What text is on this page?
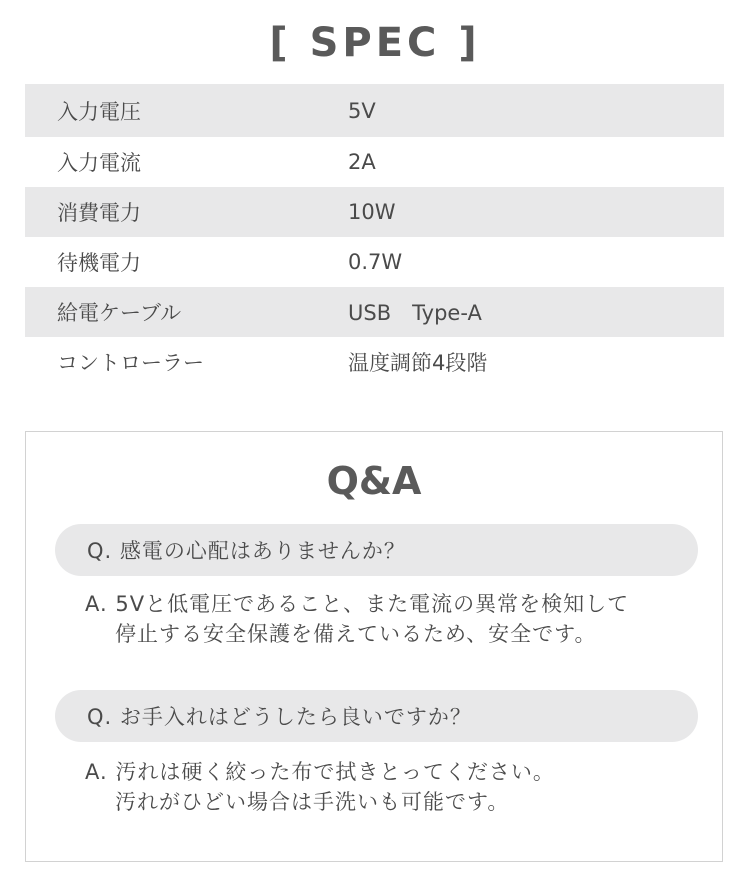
[ SPEC ]
入力電圧	5V
入力電流	2A
消費電力	10W
待機電力	0.7W
給電ケーブル	USB　Type-A
コントローラー	温度調節4段階
Q&A
Q. 感電の心配はありませんか？
A. 5Vと低電圧であること、また電流の異常を検知して
停止する安全保護を備えているため、安全です。
Q. お手入れはどうしたら良いですか？
A. 汚れは硬く絞った布で拭きとってください。
汚れがひどい場合は手洗いも可能です。
